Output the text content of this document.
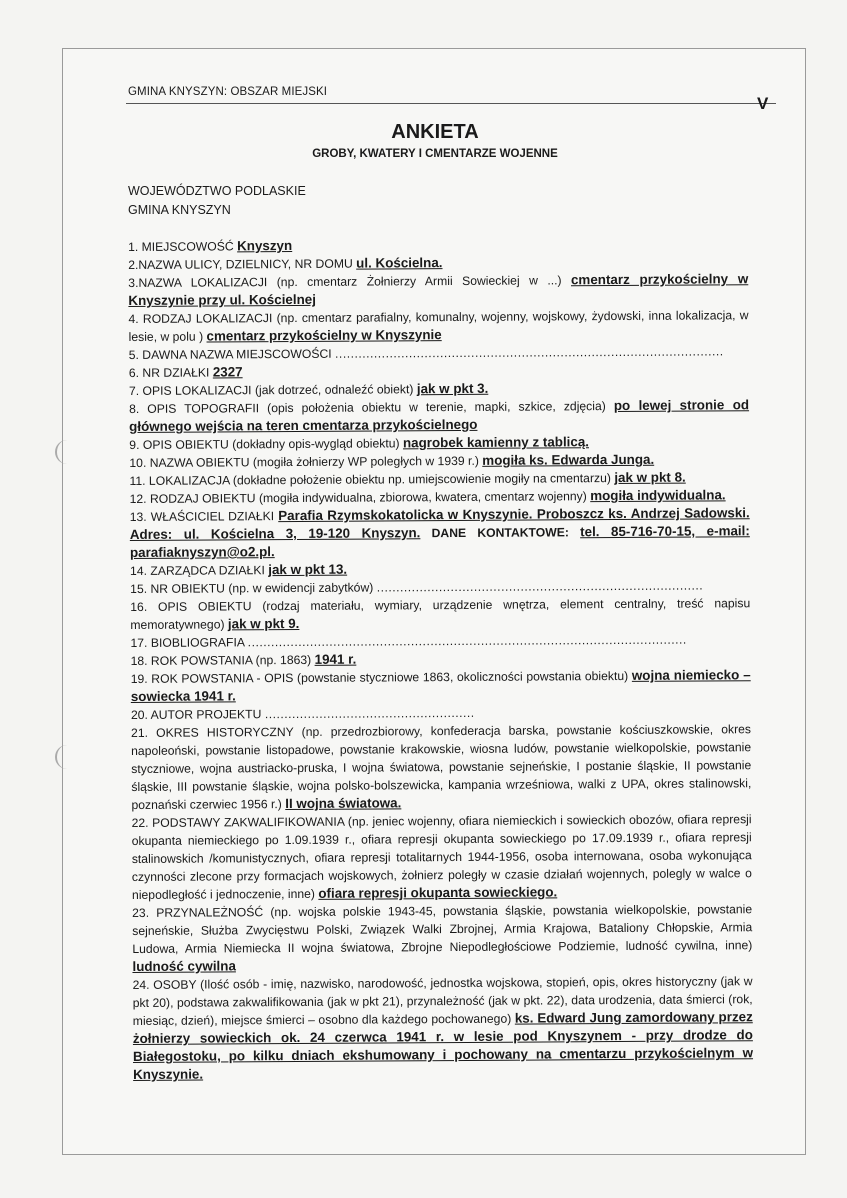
GMINA KNYSZYN: OBSZAR MIEJSKI
V
ANKIETA
GROBY, KWATERY I CMENTARZE WOJENNE
WOJEWÓDZTWO PODLASKIE
GMINA KNYSZYN

1. MIEJSCOWOŚĆ Knyszyn

2.NAZWA ULICY, DZIELNICY, NR DOMU ul. Kościelna.

3.NAZWA LOKALIZACJI (np. cmentarz Żołnierzy Armii Sowieckiej w ...) cmentarz przykościelny w Knyszynie przy ul. Kościelnej

4. RODZAJ LOKALIZACJI (np. cmentarz parafialny, komunalny, wojenny, wojskowy, żydowski, inna lokalizacja, w lesie, w polu ) cmentarz przykościelny w Knyszynie

5. DAWNA NAZWA MIEJSCOWOŚCI ....................................................................................................

6. NR DZIAŁKI 2327

7. OPIS LOKALIZACJI (jak dotrzeć, odnaleźć obiekt) jak w pkt 3.

8. OPIS TOPOGRAFII (opis położenia obiektu w terenie, mapki, szkice, zdjęcia) po lewej stronie od głównego wejścia na teren cmentarza przykościelnego

9. OPIS OBIEKTU (dokładny opis-wygląd obiektu) nagrobek kamienny z tablicą.

10. NAZWA OBIEKTU (mogiła żołnierzy WP poległych w 1939 r.) mogiła ks. Edwarda Junga.

11. LOKALIZACJA (dokładne położenie obiektu np. umiejscowienie mogiły na cmentarzu) jak w pkt 8.

12. RODZAJ OBIEKTU (mogiła indywidualna, zbiorowa, kwatera, cmentarz wojenny) mogiła indywidualna.

13. WŁAŚCICIEL DZIAŁKI Parafia Rzymskokatolicka w Knyszynie. Proboszcz ks. Andrzej Sadowski. Adres: ul. Kościelna 3, 19-120 Knyszyn. DANE KONTAKTOWE: tel. 85-716-70-15, e-mail: parafiaknyszyn@o2.pl.

14. ZARZĄDCA DZIAŁKI jak w pkt 13.

15. NR OBIEKTU (np. w ewidencji zabytków) ....................................................................................

16. OPIS OBIEKTU (rodzaj materiału, wymiary, urządzenie wnętrza, element centralny, treść napisu memoratywnego) jak w pkt 9.

17. BIOBLIOGRAFIA .................................................................................................................

18. ROK POWSTANIA (np. 1863) 1941 r.

19. ROK POWSTANIA - OPIS (powstanie styczniowe 1863, okoliczności powstania obiektu) wojna niemiecko – sowiecka 1941 r.

20. AUTOR PROJEKTU ......................................................

21. OKRES HISTORYCZNY (np. przedrozbiorowy, konfederacja barska, powstanie kościuszkowskie, okres napoleoński, powstanie listopadowe, powstanie krakowskie, wiosna ludów, powstanie wielkopolskie, powstanie styczniowe, wojna austriacko-pruska, I wojna światowa, powstanie sejneńskie, I postanie śląskie, II powstanie śląskie, III powstanie śląskie, wojna polsko-bolszewicka, kampania wrześniowa, walki z UPA, okres stalinowski, poznański czerwiec 1956 r.) II wojna światowa.

22. PODSTAWY ZAKWALIFIKOWANIA (np. jeniec wojenny, ofiara niemieckich i sowieckich obozów, ofiara represji okupanta niemieckiego po 1.09.1939 r., ofiara represji okupanta sowieckiego po 17.09.1939 r., ofiara represji stalinowskich /komunistycznych, ofiara represji totalitarnych 1944-1956, osoba internowana, osoba wykonująca czynności zlecone przy formacjach wojskowych, żołnierz poległy w czasie działań wojennych, polegly w walce o niepodległość i jednoczenie, inne) ofiara represji okupanta sowieckiego.

23. PRZYNALEŻNOŚĆ (np. wojska polskie 1943-45, powstania śląskie, powstania wielkopolskie, powstanie sejneńskie, Służba Zwycięstwu Polski, Związek Walki Zbrojnej, Armia Krajowa, Bataliony Chłopskie, Armia Ludowa, Armia Niemiecka II wojna światowa, Zbrojne Niepodległościowe Podziemie, ludność cywilna, inne) ludność cywilna

24. OSOBY (Ilość osób - imię, nazwisko, narodowość, jednostka wojskowa, stopień, opis, okres historyczny (jak w pkt 20), podstawa zakwalifikowania (jak w pkt 21), przynależność (jak w pkt. 22), data urodzenia, data śmierci (rok, miesiąc, dzień), miejsce śmierci – osobno dla każdego pochowanego) ks. Edward Jung zamordowany przez żołnierzy sowieckich ok. 24 czerwca 1941 r. w lesie pod Knyszynem - przy drodze do Białegostoku, po kilku dniach ekshumowany i pochowany na cmentarzu przykościelnym w Knyszynie.
